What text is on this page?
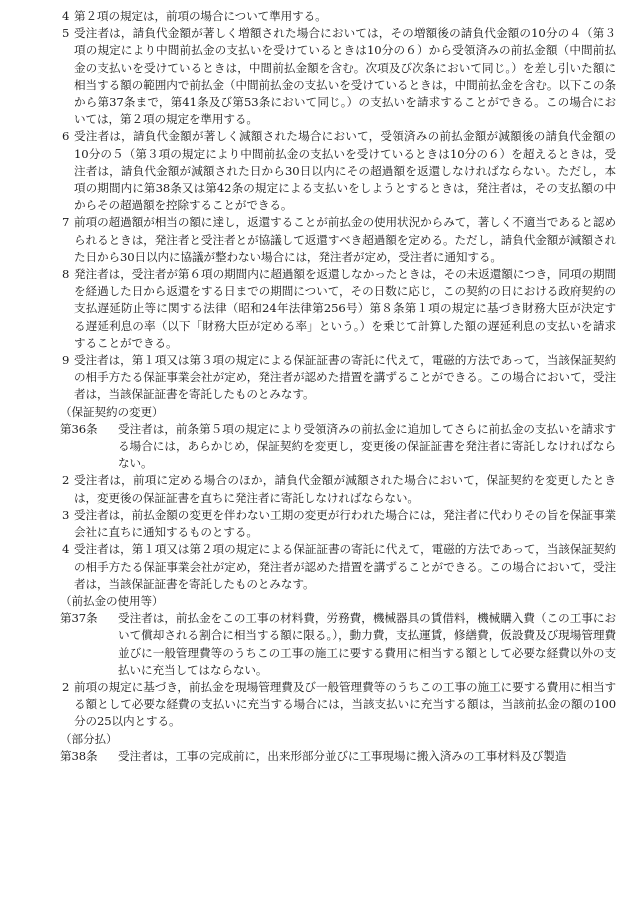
4 第２項の規定は，前項の場合について準用する。

5 受注者は，請負代金額が著しく増額された場合においては，その増額後の請負代金額の10分の４（第３項の規定により中間前払金の支払いを受けているときは10分の６）から受領済みの前払金額（中間前払金の支払いを受けているときは，中間前払金額を含む。次項及び次条において同じ。）を差し引いた額に相当する額の範囲内で前払金（中間前払金の支払いを受けているときは，中間前払金を含む。以下この条から第37条まで，第41条及び第53条において同じ。）の支払いを請求することができる。この場合においては，第２項の規定を準用する。

6 受注者は，請負代金額が著しく減額された場合において，受領済みの前払金額が減額後の請負代金額の10分の５（第３項の規定により中間前払金の支払いを受けているときは10分の６）を超えるときは，受注者は，請負代金額が減額された日から30日以内にその超過額を返還しなければならない。ただし，本項の期間内に第38条又は第42条の規定による支払いをしようとするときは，発注者は，その支払額の中からその超過額を控除することができる。

7 前項の超過額が相当の額に達し，返還することが前払金の使用状況からみて，著しく不適当であると認められるときは，発注者と受注者とが協議して返還すべき超過額を定める。ただし，請負代金額が減額された日から30日以内に協議が整わない場合には，発注者が定め，受注者に通知する。

8 発注者は，受注者が第６項の期間内に超過額を返還しなかったときは，その未返還額につき，同項の期間を経過した日から返還をする日までの期間について，その日数に応じ，この契約の日における政府契約の支払遅延防止等に関する法律（昭和24年法律第256号）第８条第１項の規定に基づき財務大臣が決定する遅延利息の率（以下「財務大臣が定める率」という。）を乗じて計算した額の遅延利息の支払いを請求することができる。

9 受注者は，第１項又は第３項の規定による保証証書の寄託に代えて，電磁的方法であって，当該保証契約の相手方たる保証事業会社が定め，発注者が認めた措置を講ずることができる。この場合において，受注者は，当該保証証書を寄託したものとみなす。

（保証契約の変更）

第36条 受注者は，前条第５項の規定により受領済みの前払金に追加してさらに前払金の支払いを請求する場合には，あらかじめ，保証契約を変更し，変更後の保証証書を発注者に寄託しなければならない。

2 受注者は，前項に定める場合のほか，請負代金額が減額された場合において，保証契約を変更したときは，変更後の保証証書を直ちに発注者に寄託しなければならない。

3 受注者は，前払金額の変更を伴わない工期の変更が行われた場合には，発注者に代わりその旨を保証事業会社に直ちに通知するものとする。

4 受注者は，第１項又は第２項の規定による保証証書の寄託に代えて，電磁的方法であって，当該保証契約の相手方たる保証事業会社が定め，発注者が認めた措置を講ずることができる。この場合において，受注者は，当該保証証書を寄託したものとみなす。

（前払金の使用等）

第37条 受注者は，前払金をこの工事の材料費，労務費，機械器具の賃借料，機械購入費（この工事において償却される割合に相当する額に限る。），動力費，支払運賃，修繕費，仮設費及び現場管理費並びに一般管理費等のうちこの工事の施工に要する費用に相当する額として必要な経費以外の支払いに充当してはならない。

2 前項の規定に基づき，前払金を現場管理費及び一般管理費等のうちこの工事の施工に要する費用に相当する額として必要な経費の支払いに充当する場合には，当該支払いに充当する額は，当該前払金の額の100分の25以内とする。

（部分払）

第38条 受注者は，工事の完成前に，出来形部分並びに工事現場に搬入済みの工事材料及び製造
